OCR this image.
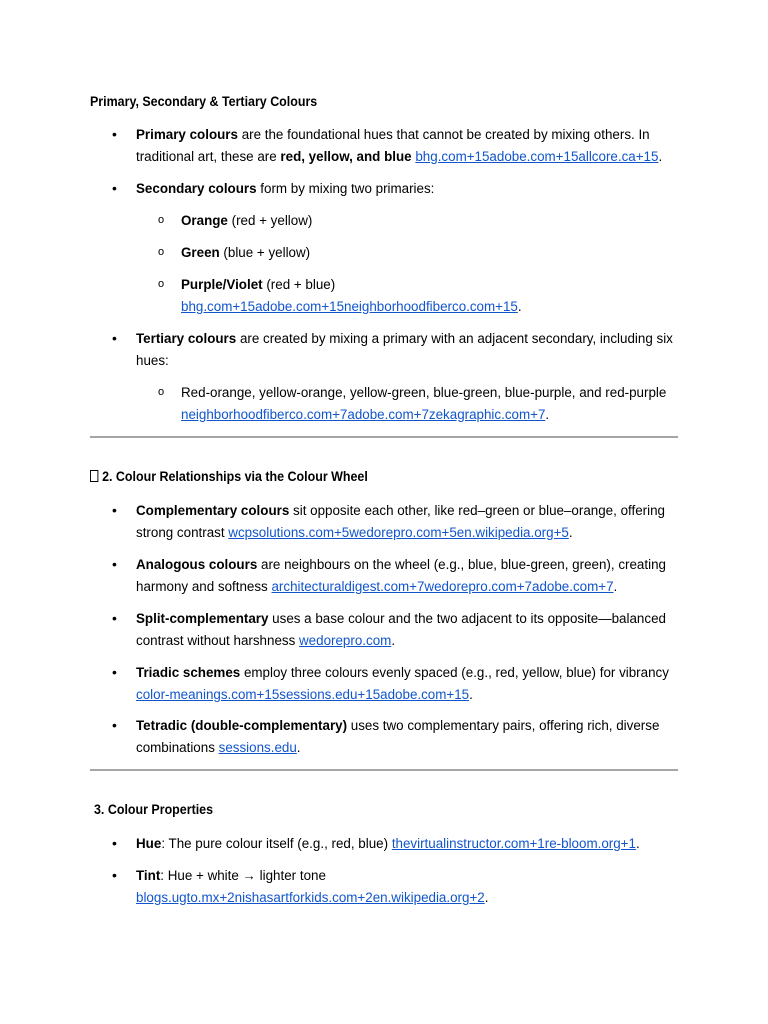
Primary, Secondary & Tertiary Colours
• Primary colours are the foundational hues that cannot be created by mixing others. In traditional art, these are red, yellow, and blue bhg.com+15adobe.com+15allcore.ca+15.
• Secondary colours form by mixing two primaries:
o Orange (red + yellow)
o Green (blue + yellow)
o Purple/Violet (red + blue)
bhg.com+15adobe.com+15neighborhoodfiberco.com+15.
• Tertiary colours are created by mixing a primary with an adjacent secondary, including six hues:
o Red-orange, yellow-orange, yellow-green, blue-green, blue-purple, and red-purple neighborhoodfiberco.com+7adobe.com+7zekagraphic.com+7.
2. Colour Relationships via the Colour Wheel
• Complementary colours sit opposite each other, like red–green or blue–orange, offering strong contrast wcpsolutions.com+5wedorepro.com+5en.wikipedia.org+5.
• Analogous colours are neighbours on the wheel (e.g., blue, blue-green, green), creating harmony and softness architecturaldigest.com+7wedorepro.com+7adobe.com+7.
• Split-complementary uses a base colour and the two adjacent to its opposite—balanced contrast without harshness wedorepro.com.
• Triadic schemes employ three colours evenly spaced (e.g., red, yellow, blue) for vibrancy color-meanings.com+15sessions.edu+15adobe.com+15.
• Tetradic (double-complementary) uses two complementary pairs, offering rich, diverse combinations sessions.edu.
3. Colour Properties
• Hue: The pure colour itself (e.g., red, blue) thevirtualinstructor.com+1re-bloom.org+1.
• Tint: Hue + white → lighter tone
blogs.ugto.mx+2nishasartforkids.com+2en.wikipedia.org+2.
